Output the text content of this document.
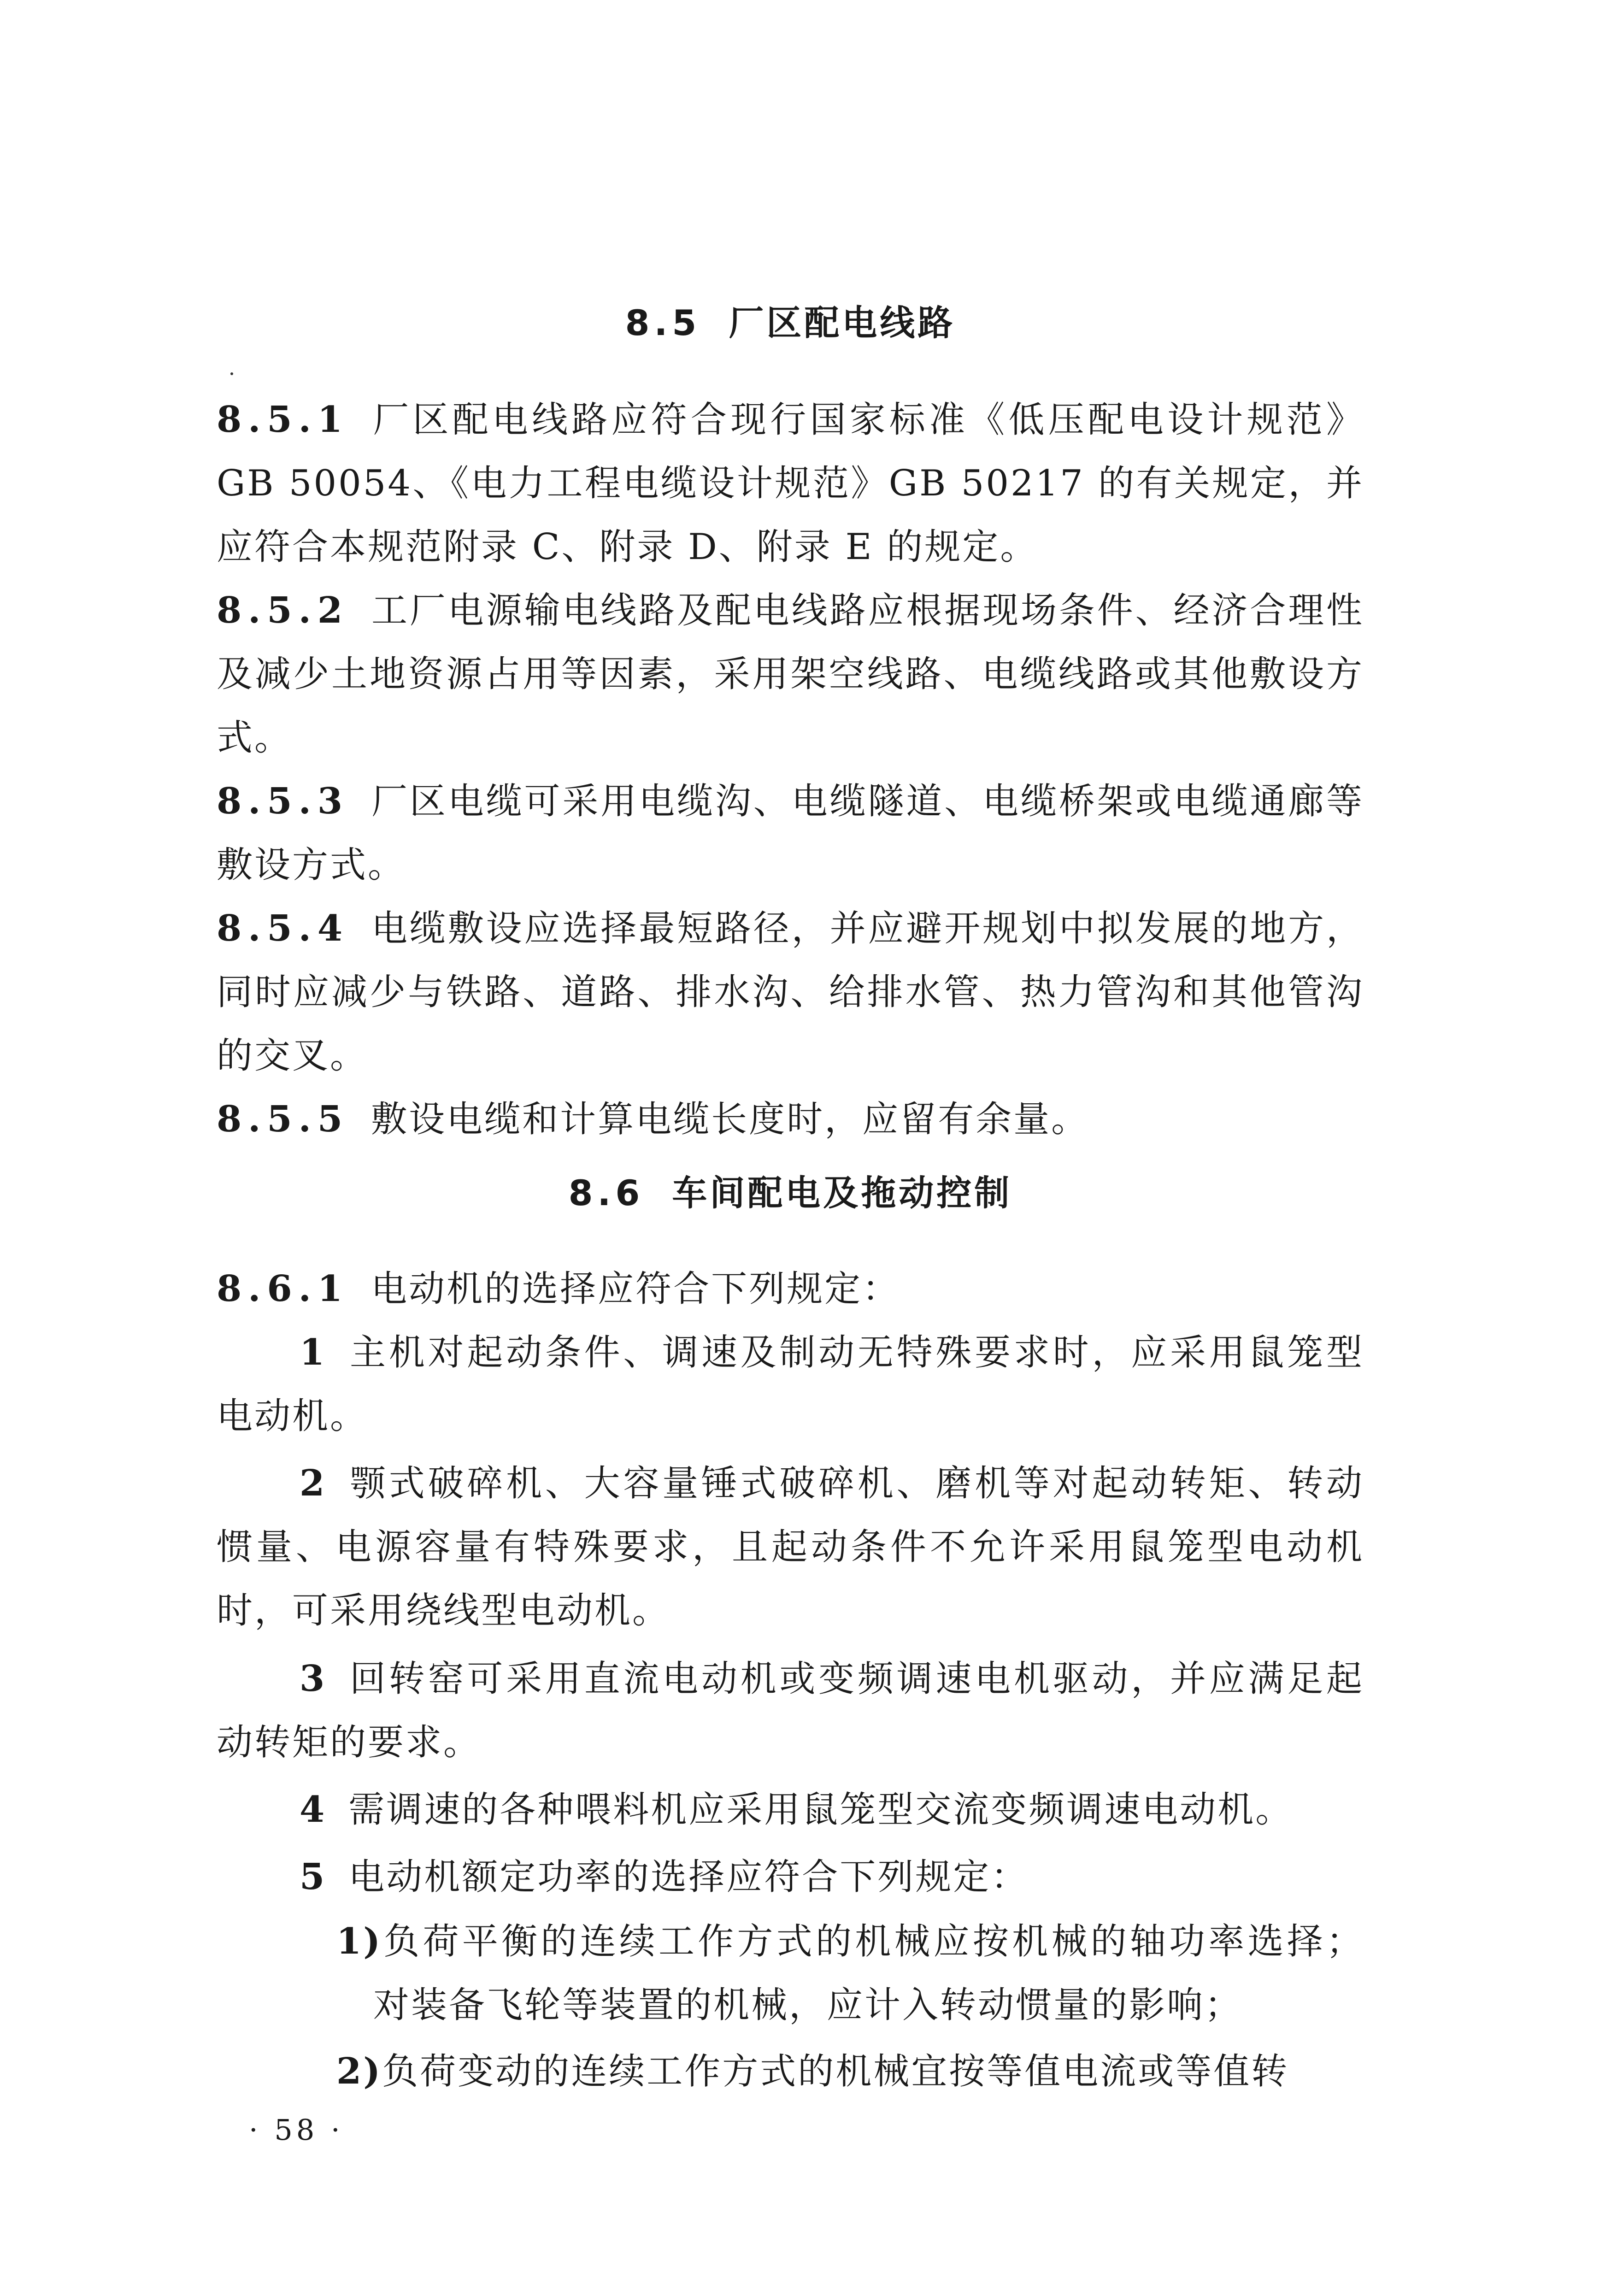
8.5 厂区配电线路
8.5.1 厂区配电线路应符合现行国家标准《低压配电设计规范》GB 50054、《电力工程电缆设计规范》GB 50217 的有关规定，并应符合本规范附录 C、附录 D、附录 E 的规定。
8.5.2 工厂电源输电线路及配电线路应根据现场条件、经济合理性及减少土地资源占用等因素，采用架空线路、电缆线路或其他敷设方式。
8.5.3 厂区电缆可采用电缆沟、电缆隧道、电缆桥架或电缆通廊等敷设方式。
8.5.4 电缆敷设应选择最短路径，并应避开规划中拟发展的地方，同时应减少与铁路、道路、排水沟、给排水管、热力管沟和其他管沟的交叉。
8.5.5 敷设电缆和计算电缆长度时，应留有余量。
8.6 车间配电及拖动控制
8.6.1 电动机的选择应符合下列规定：
1 主机对起动条件、调速及制动无特殊要求时，应采用鼠笼型电动机。
2 颚式破碎机、大容量锤式破碎机、磨机等对起动转矩、转动惯量、电源容量有特殊要求，且起动条件不允许采用鼠笼型电动机时，可采用绕线型电动机。
3 回转窑可采用直流电动机或变频调速电机驱动，并应满足起动转矩的要求。
4 需调速的各种喂料机应采用鼠笼型交流变频调速电动机。
5 电动机额定功率的选择应符合下列规定：
1)负荷平衡的连续工作方式的机械应按机械的轴功率选择；对装备飞轮等装置的机械，应计入转动惯量的影响；
2)负荷变动的连续工作方式的机械宜按等值电流或等值转
· 58 ·
